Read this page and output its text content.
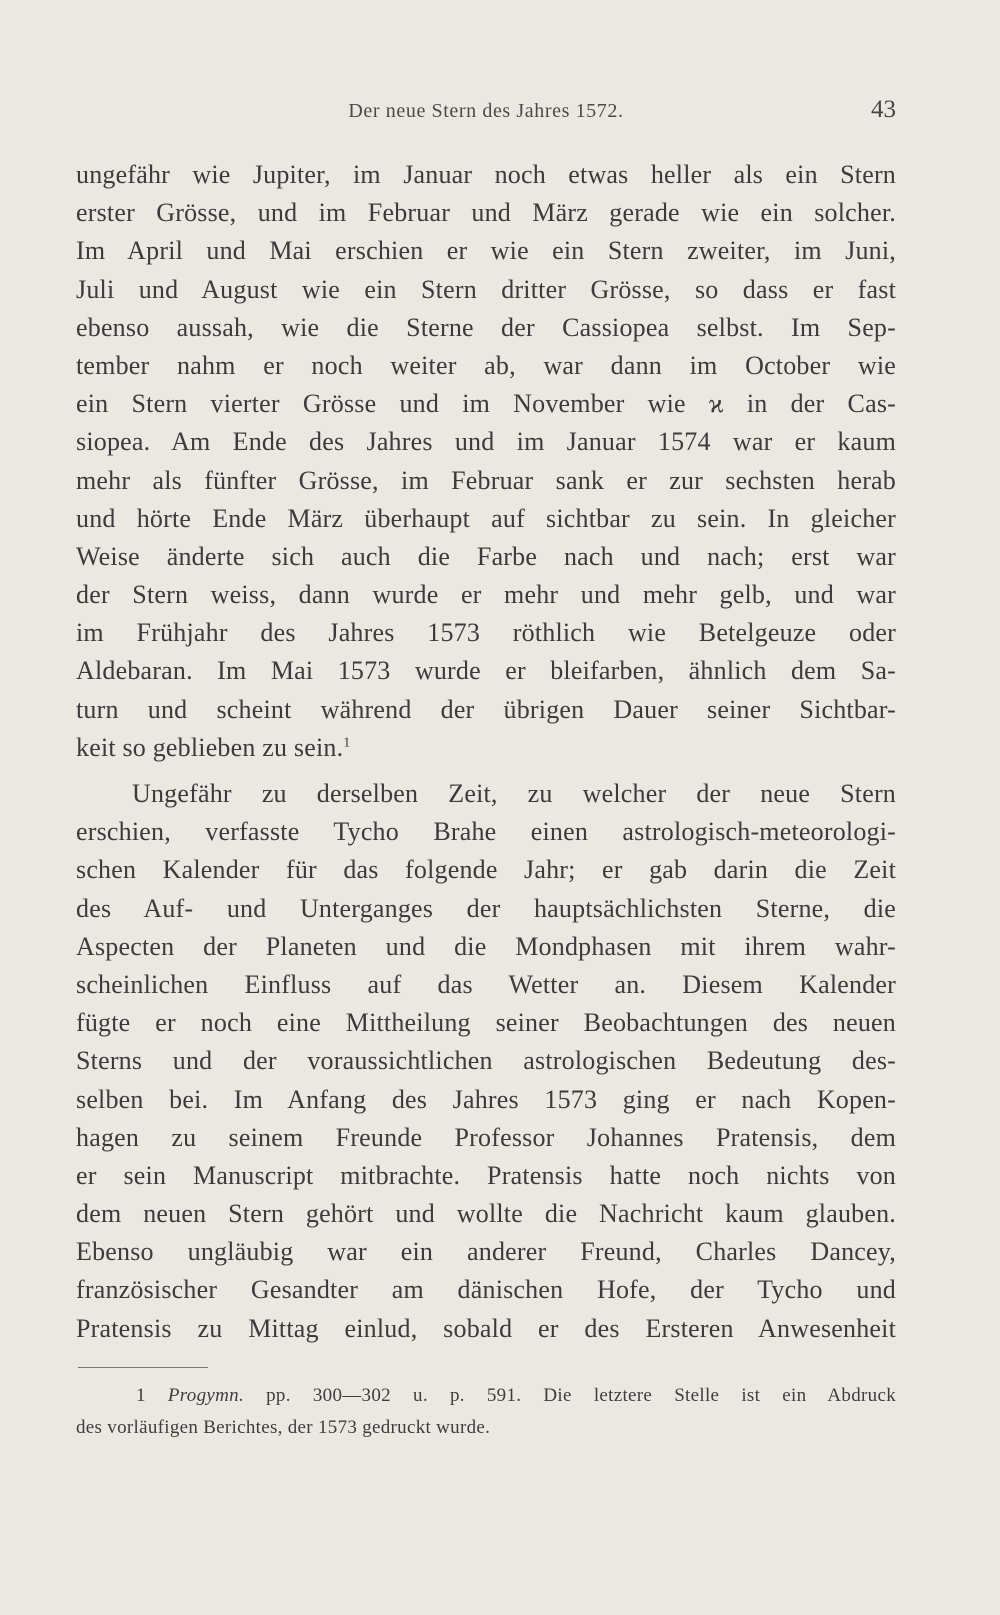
Der neue Stern des Jahres 1572.	43
ungefähr wie Jupiter, im Januar noch etwas heller als ein Stern
erster Grösse, und im Februar und März gerade wie ein solcher.
Im April und Mai erschien er wie ein Stern zweiter, im Juni,
Juli und August wie ein Stern dritter Grösse, so dass er fast
ebenso aussah, wie die Sterne der Cassiopea selbst. Im Sep-
tember nahm er noch weiter ab, war dann im October wie
ein Stern vierter Grösse und im November wie ϰ in der Cas-
siopea. Am Ende des Jahres und im Januar 1574 war er kaum
mehr als fünfter Grösse, im Februar sank er zur sechsten herab
und hörte Ende März überhaupt auf sichtbar zu sein. In gleicher
Weise änderte sich auch die Farbe nach und nach; erst war
der Stern weiss, dann wurde er mehr und mehr gelb, und war
im Frühjahr des Jahres 1573 röthlich wie Betelgeuze oder
Aldebaran. Im Mai 1573 wurde er bleifarben, ähnlich dem Sa-
turn und scheint während der übrigen Dauer seiner Sichtbar-
keit so geblieben zu sein.$^1$
Ungefähr zu derselben Zeit, zu welcher der neue Stern
erschien, verfasste Tycho Brahe einen astrologisch-meteorologi-
schen Kalender für das folgende Jahr; er gab darin die Zeit
des Auf- und Unterganges der hauptsächlichsten Sterne, die
Aspecten der Planeten und die Mondphasen mit ihrem wahr-
scheinlichen Einfluss auf das Wetter an. Diesem Kalender
fügte er noch eine Mittheilung seiner Beobachtungen des neuen
Sterns und der voraussichtlichen astrologischen Bedeutung des-
selben bei. Im Anfang des Jahres 1573 ging er nach Kopen-
hagen zu seinem Freunde Professor Johannes Pratensis, dem
er sein Manuscript mitbrachte. Pratensis hatte noch nichts von
dem neuen Stern gehört und wollte die Nachricht kaum glauben.
Ebenso ungläubig war ein anderer Freund, Charles Dancey,
französischer Gesandter am dänischen Hofe, der Tycho und
Pratensis zu Mittag einlud, sobald er des Ersteren Anwesenheit
1 Progymn. pp. 300—302 u. p. 591. Die letztere Stelle ist ein Abdruck
des vorläufigen Berichtes, der 1573 gedruckt wurde.
